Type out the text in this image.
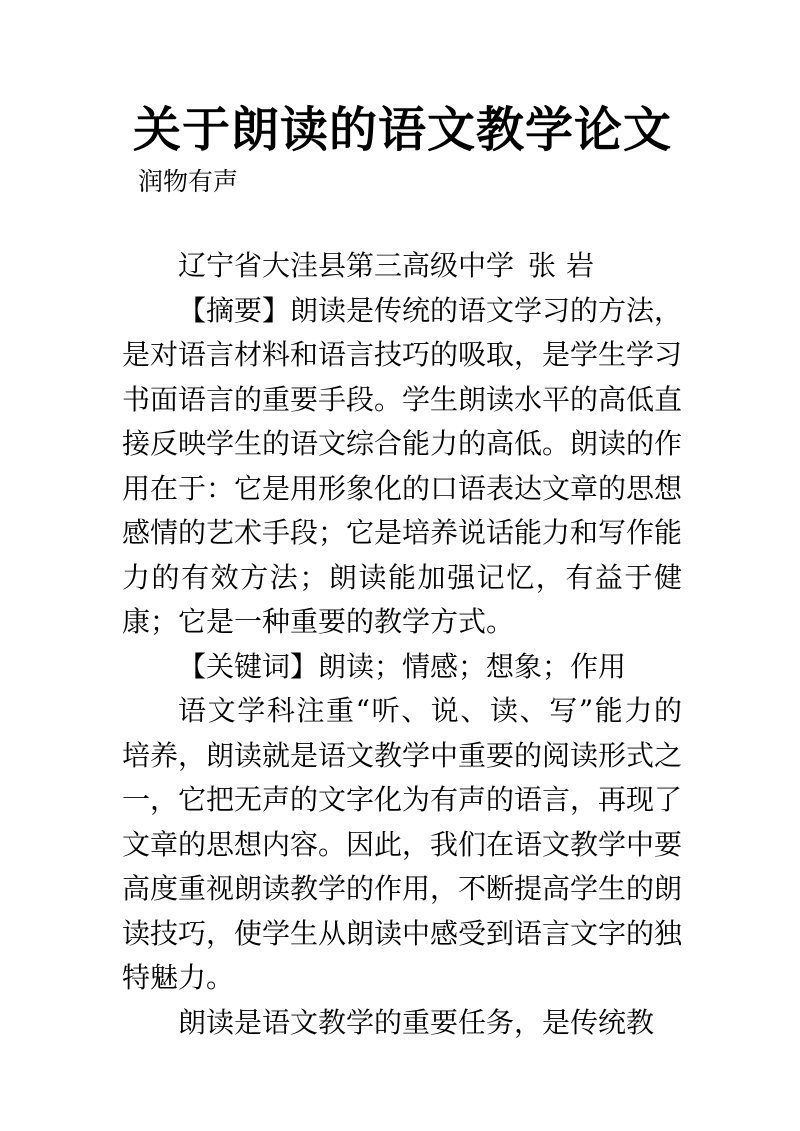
关于朗读的语文教学论文
润物有声

辽宁省大洼县第三高级中学 张 岩

【摘要】朗读是传统的语文学习的方法，是对语言材料和语言技巧的吸取，是学生学习书面语言的重要手段。学生朗读水平的高低直接反映学生的语文综合能力的高低。朗读的作用在于：它是用形象化的口语表达文章的思想感情的艺术手段；它是培养说话能力和写作能力的有效方法；朗读能加强记忆，有益于健康；它是一种重要的教学方式。

【关键词】朗读；情感；想象；作用

语文学科注重“听、说、读、写”能力的培养，朗读就是语文教学中重要的阅读形式之一，它把无声的文字化为有声的语言，再现了文章的思想内容。因此，我们在语文教学中要高度重视朗读教学的作用，不断提高学生的朗读技巧，使学生从朗读中感受到语言文字的独特魅力。

朗读是语文教学的重要任务，是传统教
